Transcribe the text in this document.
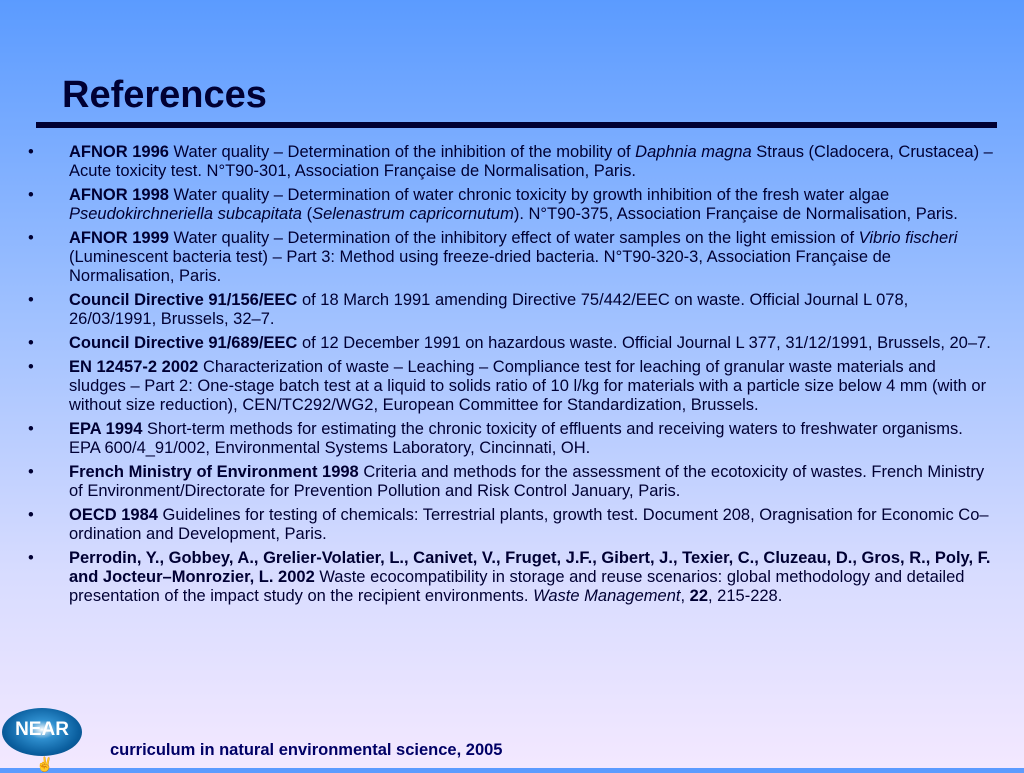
References
•	AFNOR 1996 Water quality – Determination of the inhibition of the mobility of Daphnia magna Straus (Cladocera, Crustacea) – Acute toxicity test. N°T90-301, Association Française de Normalisation, Paris.
•	AFNOR 1998 Water quality – Determination of water chronic toxicity by growth inhibition of the fresh water algae Pseudokirchneriella subcapitata (Selenastrum capricornutum). N°T90-375, Association Française de Normalisation, Paris.
•	AFNOR 1999 Water quality – Determination of the inhibitory effect of water samples on the light emission of Vibrio fischeri (Luminescent bacteria test) – Part 3: Method using freeze-dried bacteria. N°T90-320-3, Association Française de Normalisation, Paris.
•	Council Directive 91/156/EEC of 18 March 1991 amending Directive 75/442/EEC on waste. Official Journal L 078, 26/03/1991, Brussels, 32–7.
•	Council Directive 91/689/EEC of 12 December 1991 on hazardous waste. Official Journal L 377, 31/12/1991, Brussels, 20–7.
•	EN 12457-2 2002 Characterization of waste – Leaching – Compliance test for leaching of granular waste materials and sludges – Part 2: One-stage batch test at a liquid to solids ratio of 10 l/kg for materials with a particle size below 4 mm (with or without size reduction), CEN/TC292/WG2, European Committee for Standardization, Brussels.
•	EPA 1994 Short-term methods for estimating the chronic toxicity of effluents and receiving waters to freshwater organisms. EPA 600/4_91/002, Environmental Systems Laboratory, Cincinnati, OH.
•	French Ministry of Environment 1998 Criteria and methods for the assessment of the ecotoxicity of wastes. French Ministry of Environment/Directorate for Prevention Pollution and Risk Control January, Paris.
•	OECD 1984 Guidelines for testing of chemicals: Terrestrial plants, growth test. Document 208, Oragnisation for Economic Co–ordination and Development, Paris.
•	Perrodin, Y., Gobbey, A., Grelier-Volatier, L., Canivet, V., Fruget, J.F., Gibert, J., Texier, C., Cluzeau, D., Gros, R., Poly, F. and Jocteur–Monrozier, L. 2002 Waste ecocompatibility in storage and reuse scenarios: global methodology and detailed presentation of the impact study on the recipient environments. Waste Management, 22, 215-228.
NEAR
✌
curriculum in natural environmental science, 2005
